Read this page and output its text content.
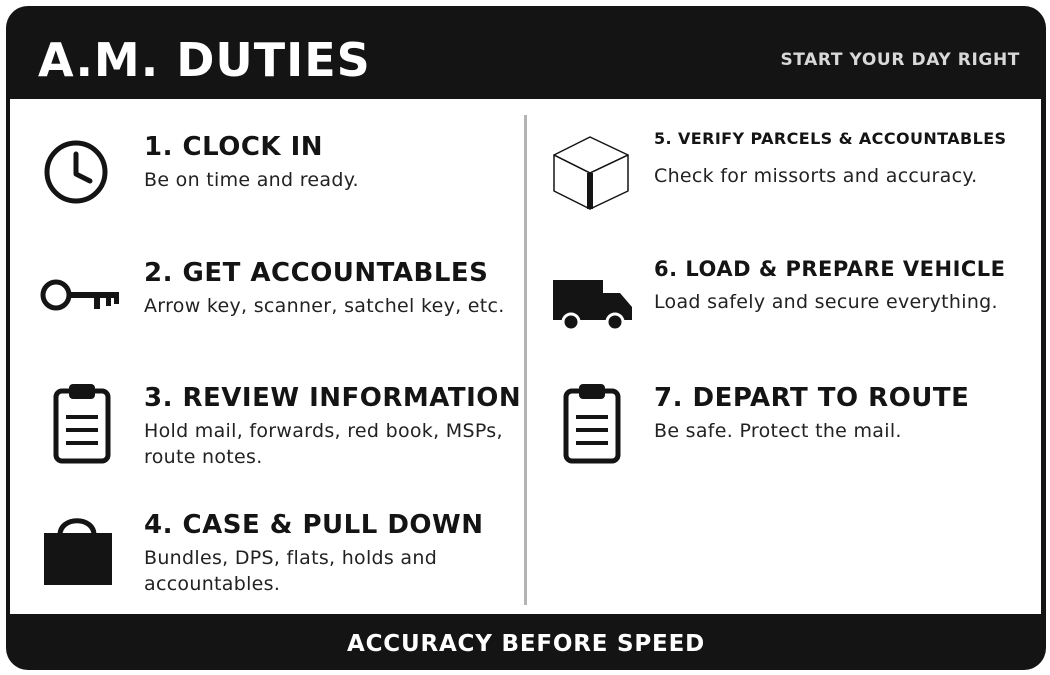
A.M. DUTIES	START YOUR DAY RIGHT
1. CLOCK IN

Be on time and ready.

2. GET ACCOUNTABLES

Arrow key, scanner, satchel key, etc.

3. REVIEW INFORMATION

Hold mail, forwards, red book, MSPs, route notes.

4. CASE & PULL DOWN

Bundles, DPS, flats, holds and accountables.

5. VERIFY PARCELS & ACCOUNTABLES

Check for missorts and accuracy.

6. LOAD & PREPARE VEHICLE

Load safely and secure everything.

7. DEPART TO ROUTE

Be safe. Protect the mail.

ACCURACY BEFORE SPEED
